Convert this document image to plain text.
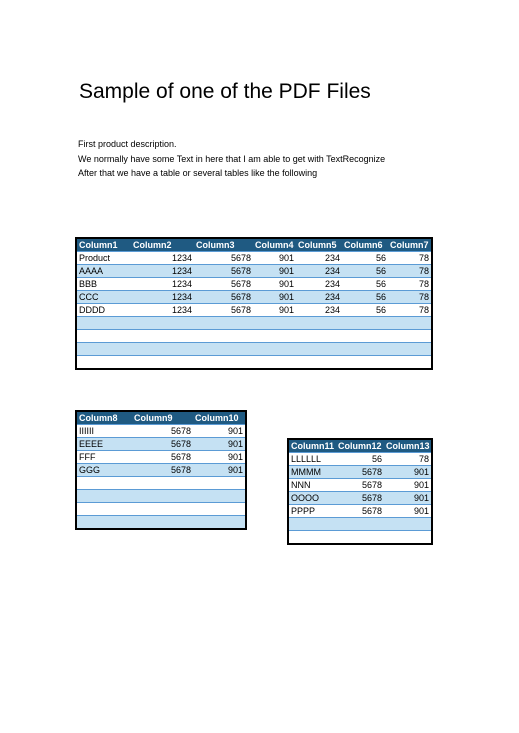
Sample of one of the PDF Files
First product description.
We normally have some Text in here that I am able to get with TextRecognize
After that we have a table or several tables like the following
Column1	Column2	Column3	Column4	Column5	Column6	Column7
Product	1234	5678	901	234	56	78
AAAA	1234	5678	901	234	56	78
BBB	1234	5678	901	234	56	78
CCC	1234	5678	901	234	56	78
DDDD	1234	5678	901	234	56	78

Column8	Column9	Column10
IIIIII	5678	901
EEEE	5678	901
FFF	5678	901
GGG	5678	901

Column11	Column12	Column13
LLLLLL	56	78
MMMM	5678	901
NNN	5678	901
OOOO	5678	901
PPPP	5678	901
